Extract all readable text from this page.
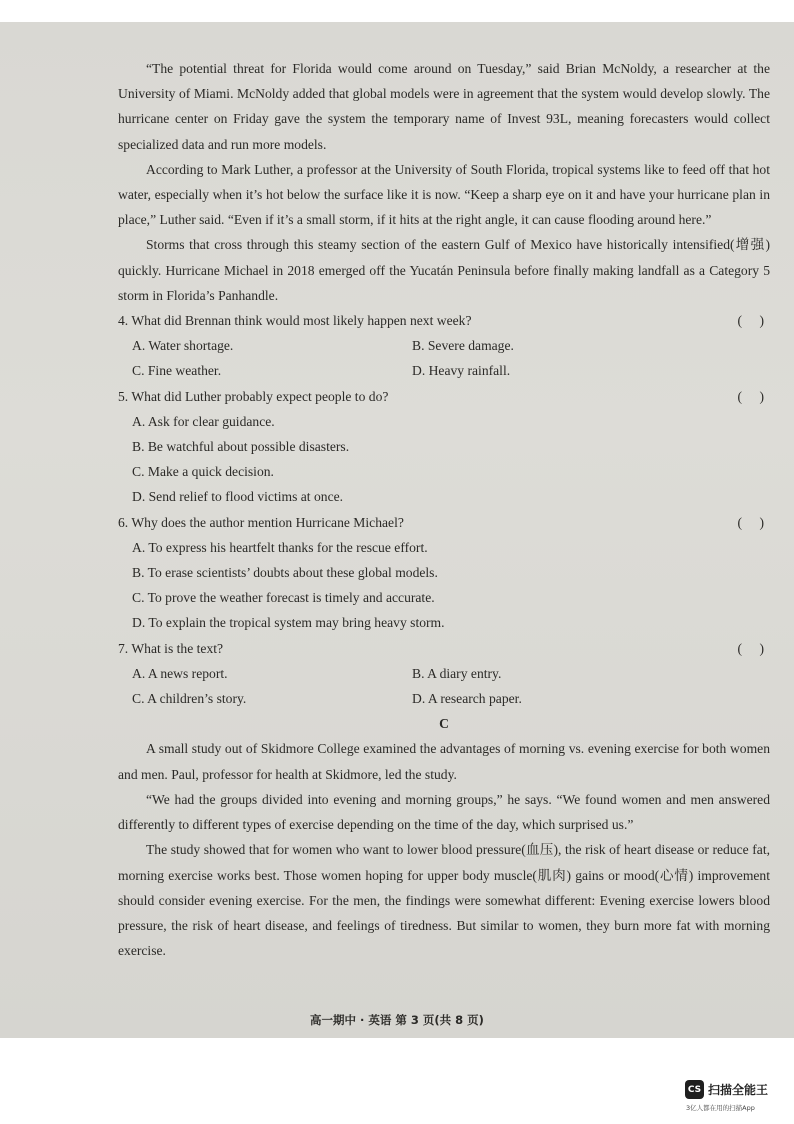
“The potential threat for Florida would come around on Tuesday,” said Brian McNoldy, a researcher at the University of Miami. McNoldy added that global models were in agreement that the system would develop slowly. The hurricane center on Friday gave the system the temporary name of Invest 93L, meaning forecasters would collect specialized data and run more models.

According to Mark Luther, a professor at the University of South Florida, tropical systems like to feed off that hot water, especially when it’s hot below the surface like it is now. “Keep a sharp eye on it and have your hurricane plan in place,” Luther said. “Even if it’s a small storm, if it hits at the right angle, it can cause flooding around here.”

Storms that cross through this steamy section of the eastern Gulf of Mexico have historically intensified(增强) quickly. Hurricane Michael in 2018 emerged off the Yucatán Peninsula before finally making landfall as a Category 5 storm in Florida’s Panhandle.

4. What did Brennan think would most likely happen next week?	( )
A. Water shortage.	B. Severe damage.
C. Fine weather.	D. Heavy rainfall.
5. What did Luther probably expect people to do?	( )
A. Ask for clear guidance.
B. Be watchful about possible disasters.
C. Make a quick decision.
D. Send relief to flood victims at once.
6. Why does the author mention Hurricane Michael?	( )
A. To express his heartfelt thanks for the rescue effort.
B. To erase scientists’ doubts about these global models.
C. To prove the weather forecast is timely and accurate.
D. To explain the tropical system may bring heavy storm.
7. What is the text?	( )
A. A news report.	B. A diary entry.
C. A children’s story.	D. A research paper.
C

A small study out of Skidmore College examined the advantages of morning vs. evening exercise for both women and men. Paul, professor for health at Skidmore, led the study.

“We had the groups divided into evening and morning groups,” he says. “We found women and men answered differently to different types of exercise depending on the time of the day, which surprised us.”

The study showed that for women who want to lower blood pressure(血压), the risk of heart disease or reduce fat, morning exercise works best. Those women hoping for upper body muscle(肌肉) gains or mood(心情) improvement should consider evening exercise. For the men, the findings were somewhat different: Evening exercise lowers blood pressure, the risk of heart disease, and feelings of tiredness. But similar to women, they burn more fat with morning exercise.

高一期中 · 英语 第 3 页(共 8 页)
CS 扫描全能王
3亿人都在用的扫描App
